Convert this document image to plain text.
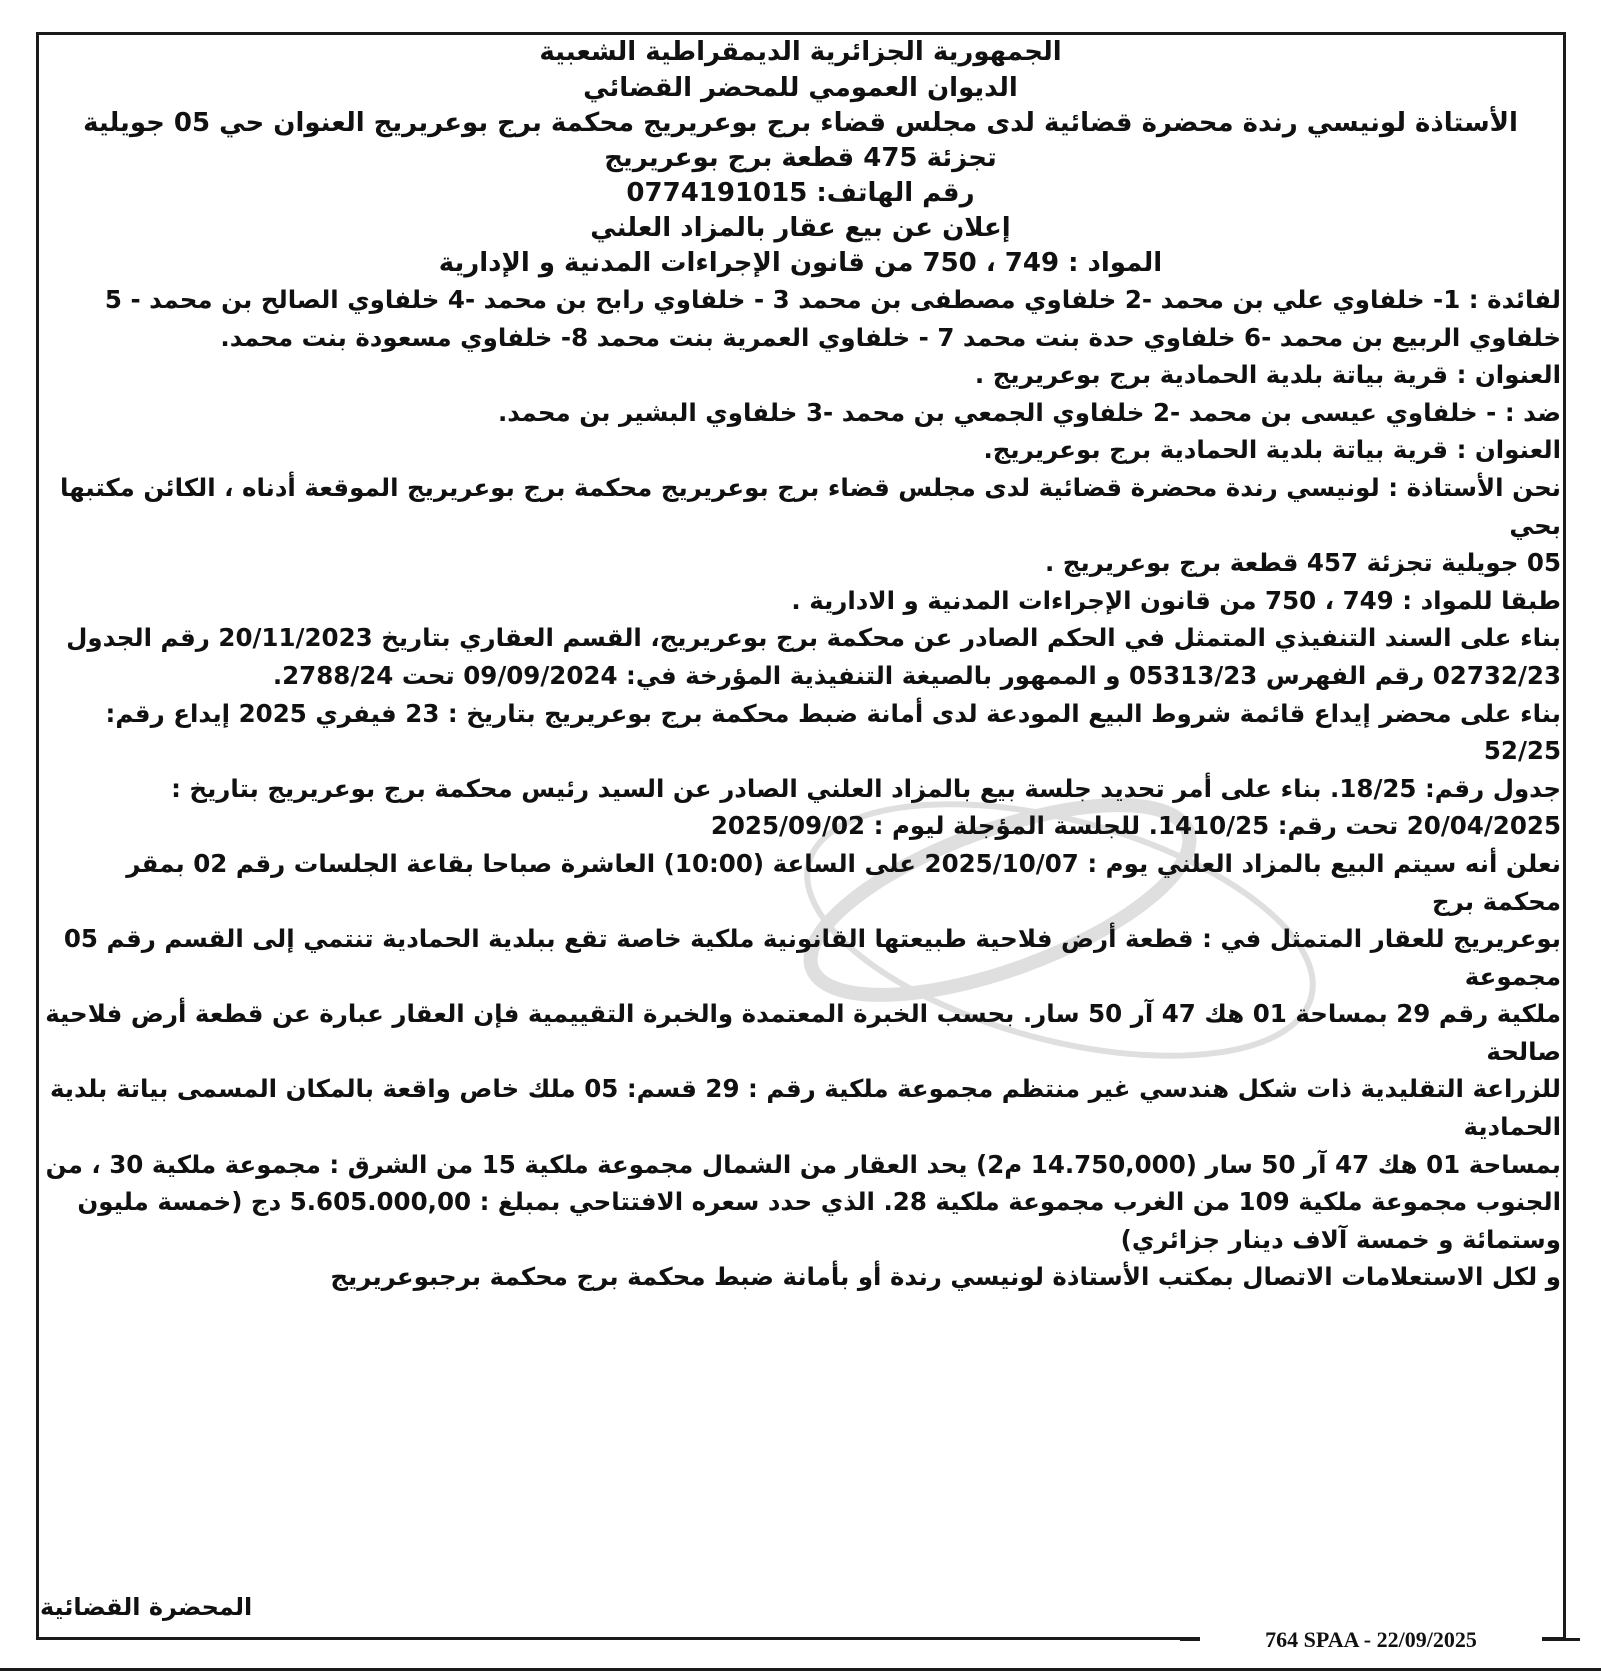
الجمهورية الجزائرية الديمقراطية الشعبية

الديوان العمومي للمحضر القضائي

الأستاذة لونيسي رندة محضرة قضائية لدى مجلس قضاء برج بوعريريج محكمة برج بوعريريج العنوان حي 05 جويلية

تجزئة 475 قطعة برج بوعريريج

رقم الهاتف: 0774191015

إعلان عن بيع عقار بالمزاد العلني

المواد : 749 ، 750 من قانون الإجراءات المدنية و الإدارية

لفائدة : 1- خلفاوي علي بن محمد -2 خلفاوي مصطفى بن محمد 3 - خلفاوي رابح بن محمد -4 خلفاوي الصالح بن محمد - 5 خلفاوي الربيع بن محمد -6 خلفاوي حدة بنت محمد 7 - خلفاوي العمرية بنت محمد 8- خلفاوي مسعودة بنت محمد.

العنوان : قرية بياتة بلدية الحمادية برج بوعريريج .

ضد : - خلفاوي عيسى بن محمد -2 خلفاوي الجمعي بن محمد -3 خلفاوي البشير بن محمد.

العنوان : قرية بياتة بلدية الحمادية برج بوعريريج.

نحن الأستاذة : لونيسي رندة محضرة قضائية لدى مجلس قضاء برج بوعريريج محكمة برج بوعريريج الموقعة أدناه ، الكائن مكتبها بحي

05 جويلية تجزئة 457 قطعة برج بوعريريج .

طبقا للمواد : 749 ، 750 من قانون الإجراءات المدنية و الادارية .

بناء على السند التنفيذي المتمثل في الحكم الصادر عن محكمة برج بوعريريج، القسم العقاري بتاريخ 20/11/2023 رقم الجدول 02732/23 رقم الفهرس 05313/23 و الممهور بالصيغة التنفيذية المؤرخة في: 09/09/2024 تحت 2788/24.

بناء على محضر إيداع قائمة شروط البيع المودعة لدى أمانة ضبط محكمة برج بوعريريج بتاريخ : 23 فيفري 2025 إيداع رقم: 52/25

جدول رقم: 18/25. بناء على أمر تحديد جلسة بيع بالمزاد العلني الصادر عن السيد رئيس محكمة برج بوعريريج بتاريخ :

20/04/2025 تحت رقم: 1410/25. للجلسة المؤجلة ليوم : 2025/09/02

نعلن أنه سيتم البيع بالمزاد العلني يوم : 2025/10/07 على الساعة (10:00) العاشرة صباحا بقاعة الجلسات رقم 02 بمقر محكمة برج

بوعريريج للعقار المتمثل في : قطعة أرض فلاحية طبيعتها القانونية ملكية خاصة تقع ببلدية الحمادية تنتمي إلى القسم رقم 05 مجموعة

ملكية رقم 29 بمساحة 01 هك 47 آر 50 سار. بحسب الخبرة المعتمدة والخبرة التقييمية فإن العقار عبارة عن قطعة أرض فلاحية صالحة

للزراعة التقليدية ذات شكل هندسي غير منتظم مجموعة ملكية رقم : 29 قسم: 05 ملك خاص واقعة بالمكان المسمى بياتة بلدية الحمادية

بمساحة 01 هك 47 آر 50 سار (14.750,000 م2) يحد العقار من الشمال مجموعة ملكية 15 من الشرق : مجموعة ملكية 30 ، من

الجنوب مجموعة ملكية 109 من الغرب مجموعة ملكية 28. الذي حدد سعره الافتتاحي بمبلغ : 5.605.000,00 دج (خمسة مليون وستمائة و خمسة آلاف دينار جزائري)

و لكل الاستعلامات الاتصال بمكتب الأستاذة لونيسي رندة أو بأمانة ضبط محكمة برج محكمة برجبوعريريج

المحضرة القضائية
764 SPAA - 22/09/2025
